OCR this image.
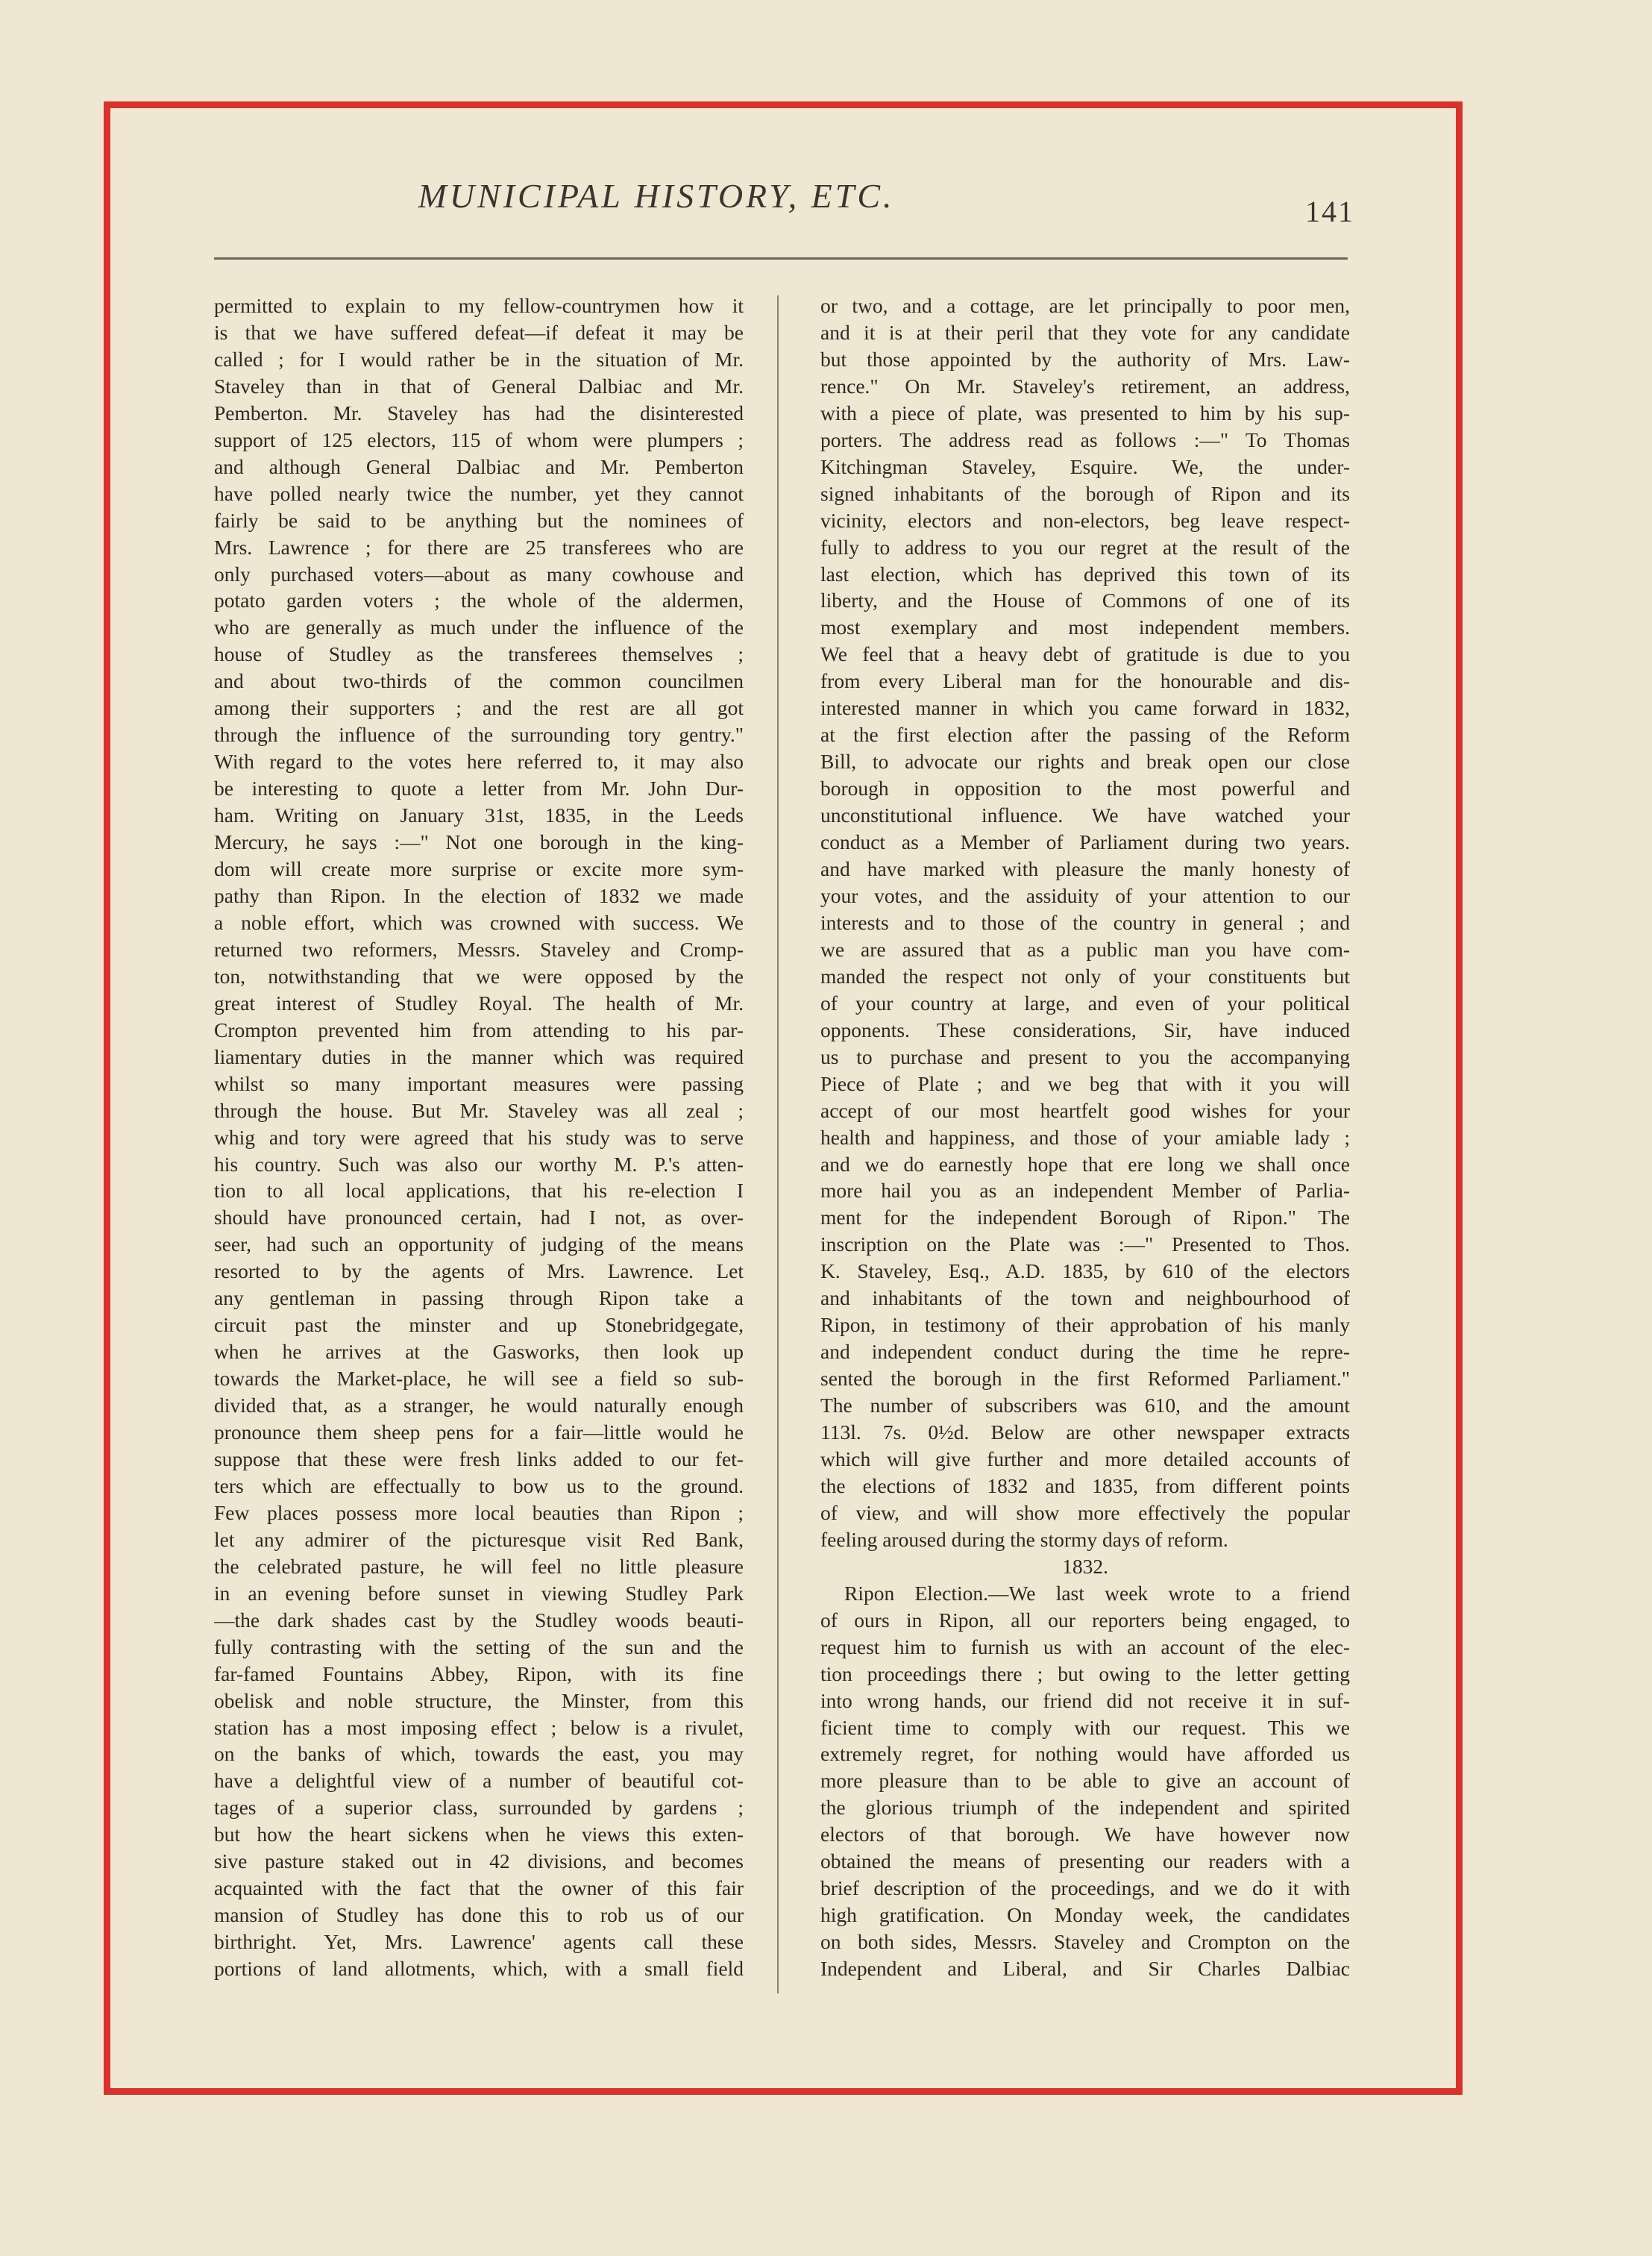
MUNICIPAL HISTORY, ETC.	141
permitted to explain to my fellow-countrymen how it
is that we have suffered defeat—if defeat it may be
called ; for I would rather be in the situation of Mr.
Staveley than in that of General Dalbiac and Mr.
Pemberton. Mr. Staveley has had the disinterested
support of 125 electors, 115 of whom were plumpers ;
and although General Dalbiac and Mr. Pemberton
have polled nearly twice the number, yet they cannot
fairly be said to be anything but the nominees of
Mrs. Lawrence ; for there are 25 transferees who are
only purchased voters—about as many cowhouse and
potato garden voters ; the whole of the aldermen,
who are generally as much under the influence of the
house of Studley as the transferees themselves ;
and about two-thirds of the common councilmen
among their supporters ; and the rest are all got
through the influence of the surrounding tory gentry."
With regard to the votes here referred to, it may also
be interesting to quote a letter from Mr. John Dur-
ham. Writing on January 31st, 1835, in the Leeds
Mercury, he says :—" Not one borough in the king-
dom will create more surprise or excite more sym-
pathy than Ripon. In the election of 1832 we made
a noble effort, which was crowned with success. We
returned two reformers, Messrs. Staveley and Cromp-
ton, notwithstanding that we were opposed by the
great interest of Studley Royal. The health of Mr.
Crompton prevented him from attending to his par-
liamentary duties in the manner which was required
whilst so many important measures were passing
through the house. But Mr. Staveley was all zeal ;
whig and tory were agreed that his study was to serve
his country. Such was also our worthy M. P.'s atten-
tion to all local applications, that his re-election I
should have pronounced certain, had I not, as over-
seer, had such an opportunity of judging of the means
resorted to by the agents of Mrs. Lawrence. Let
any gentleman in passing through Ripon take a
circuit past the minster and up Stonebridgegate,
when he arrives at the Gasworks, then look up
towards the Market-place, he will see a field so sub-
divided that, as a stranger, he would naturally enough
pronounce them sheep pens for a fair—little would he
suppose that these were fresh links added to our fet-
ters which are effectually to bow us to the ground.
Few places possess more local beauties than Ripon ;
let any admirer of the picturesque visit Red Bank,
the celebrated pasture, he will feel no little pleasure
in an evening before sunset in viewing Studley Park
—the dark shades cast by the Studley woods beauti-
fully contrasting with the setting of the sun and the
far-famed Fountains Abbey, Ripon, with its fine
obelisk and noble structure, the Minster, from this
station has a most imposing effect ; below is a rivulet,
on the banks of which, towards the east, you may
have a delightful view of a number of beautiful cot-
tages of a superior class, surrounded by gardens ;
but how the heart sickens when he views this exten-
sive pasture staked out in 42 divisions, and becomes
acquainted with the fact that the owner of this fair
mansion of Studley has done this to rob us of our
birthright. Yet, Mrs. Lawrence' agents call these
portions of land allotments, which, with a small field
or two, and a cottage, are let principally to poor men,
and it is at their peril that they vote for any candidate
but those appointed by the authority of Mrs. Law-
rence." On Mr. Staveley's retirement, an address,
with a piece of plate, was presented to him by his sup-
porters. The address read as follows :—" To Thomas
Kitchingman Staveley, Esquire. We, the under-
signed inhabitants of the borough of Ripon and its
vicinity, electors and non-electors, beg leave respect-
fully to address to you our regret at the result of the
last election, which has deprived this town of its
liberty, and the House of Commons of one of its
most exemplary and most independent members.
We feel that a heavy debt of gratitude is due to you
from every Liberal man for the honourable and dis-
interested manner in which you came forward in 1832,
at the first election after the passing of the Reform
Bill, to advocate our rights and break open our close
borough in opposition to the most powerful and
unconstitutional influence. We have watched your
conduct as a Member of Parliament during two years.
and have marked with pleasure the manly honesty of
your votes, and the assiduity of your attention to our
interests and to those of the country in general ; and
we are assured that as a public man you have com-
manded the respect not only of your constituents but
of your country at large, and even of your political
opponents. These considerations, Sir, have induced
us to purchase and present to you the accompanying
Piece of Plate ; and we beg that with it you will
accept of our most heartfelt good wishes for your
health and happiness, and those of your amiable lady ;
and we do earnestly hope that ere long we shall once
more hail you as an independent Member of Parlia-
ment for the independent Borough of Ripon." The
inscription on the Plate was :—" Presented to Thos.
K. Staveley, Esq., A.D. 1835, by 610 of the electors
and inhabitants of the town and neighbourhood of
Ripon, in testimony of their approbation of his manly
and independent conduct during the time he repre-
sented the borough in the first Reformed Parliament."
The number of subscribers was 610, and the amount
113l. 7s. 0½d. Below are other newspaper extracts
which will give further and more detailed accounts of
the elections of 1832 and 1835, from different points
of view, and will show more effectively the popular
feeling aroused during the stormy days of reform.
1832.
Ripon Election.—We last week wrote to a friend
of ours in Ripon, all our reporters being engaged, to
request him to furnish us with an account of the elec-
tion proceedings there ; but owing to the letter getting
into wrong hands, our friend did not receive it in suf-
ficient time to comply with our request. This we
extremely regret, for nothing would have afforded us
more pleasure than to be able to give an account of
the glorious triumph of the independent and spirited
electors of that borough. We have however now
obtained the means of presenting our readers with a
brief description of the proceedings, and we do it with
high gratification. On Monday week, the candidates
on both sides, Messrs. Staveley and Crompton on the
Independent and Liberal, and Sir Charles Dalbiac
